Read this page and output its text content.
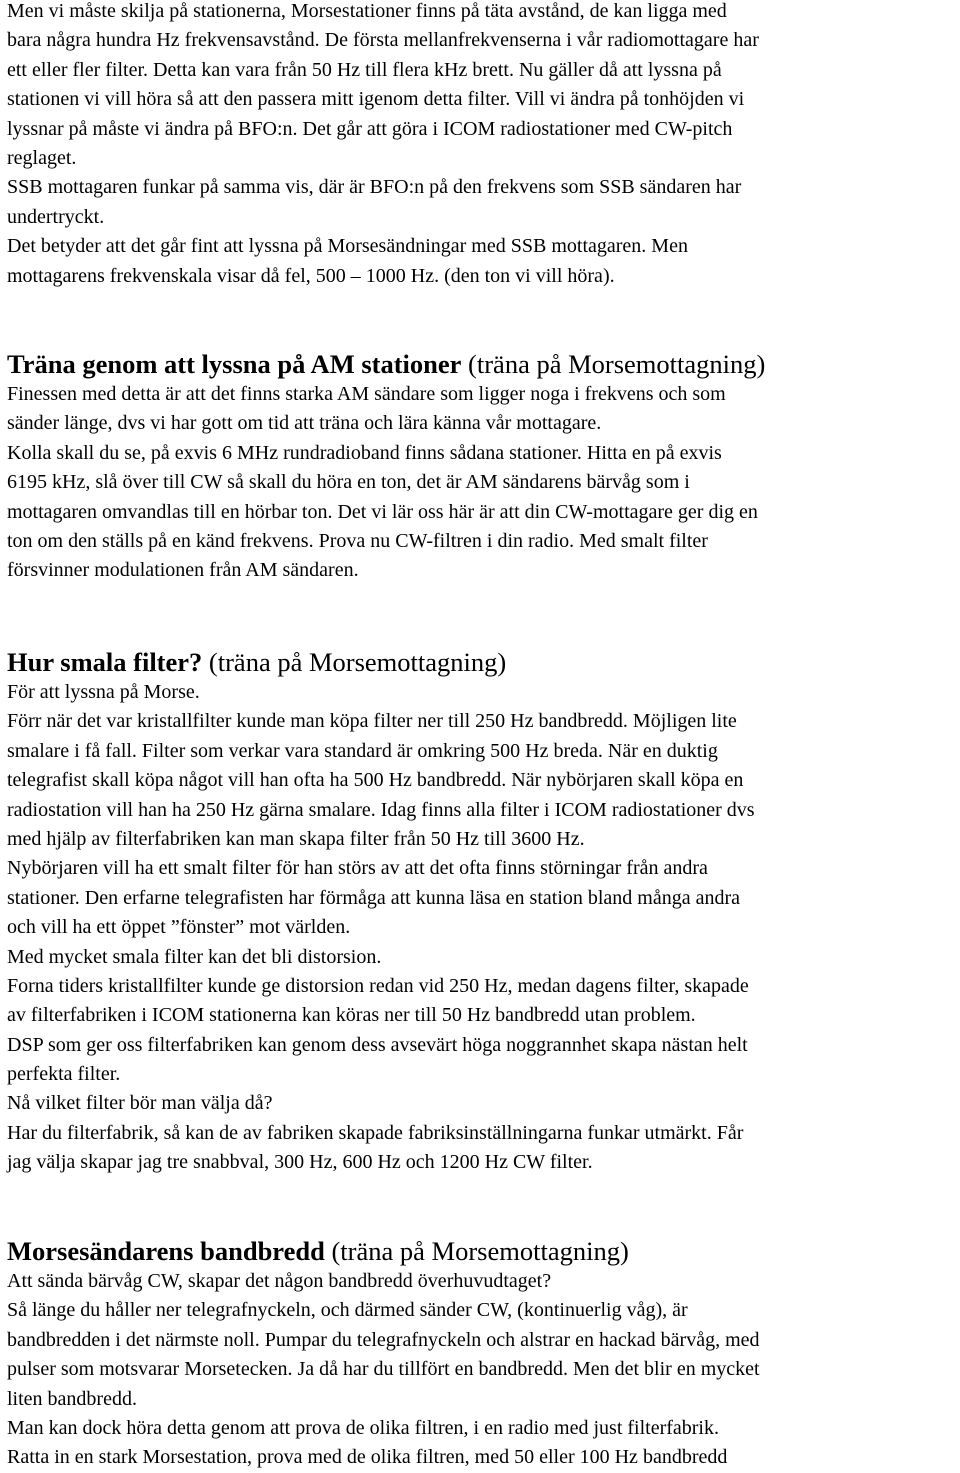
Men vi måste skilja på stationerna, Morsestationer finns på täta avstånd, de kan ligga med
bara några hundra Hz frekvensavstånd. De första mellanfrekvenserna i vår radiomottagare har
ett eller fler filter. Detta kan vara från 50 Hz till flera kHz brett. Nu gäller då att lyssna på
stationen vi vill höra så att den passera mitt igenom detta filter. Vill vi ändra på tonhöjden vi
lyssnar på måste vi ändra på BFO:n. Det går att göra i ICOM radiostationer med CW-pitch
reglaget.
SSB mottagaren funkar på samma vis, där är BFO:n på den frekvens som SSB sändaren har
undertryckt.
Det betyder att det går fint att lyssna på Morsesändningar med SSB mottagaren. Men
mottagarens frekvenskala visar då fel, 500 – 1000 Hz. (den ton vi vill höra).
Träna genom att lyssna på AM stationer (träna på Morsemottagning)
Finessen med detta är att det finns starka AM sändare som ligger noga i frekvens och som
sänder länge, dvs vi har gott om tid att träna och lära känna vår mottagare.
Kolla skall du se, på exvis 6 MHz rundradioband finns sådana stationer. Hitta en på exvis
6195 kHz, slå över till CW så skall du höra en ton, det är AM sändarens bärvåg som i
mottagaren omvandlas till en hörbar ton. Det vi lär oss här är att din CW-mottagare ger dig en
ton om den ställs på en känd frekvens. Prova nu CW-filtren i din radio. Med smalt filter
försvinner modulationen från AM sändaren.
Hur smala filter? (träna på Morsemottagning)
För att lyssna på Morse.
Förr när det var kristallfilter kunde man köpa filter ner till 250 Hz bandbredd. Möjligen lite
smalare i få fall. Filter som verkar vara standard är omkring 500 Hz breda. När en duktig
telegrafist skall köpa något vill han ofta ha 500 Hz bandbredd. När nybörjaren skall köpa en
radiostation vill han ha 250 Hz gärna smalare. Idag finns alla filter i ICOM radiostationer dvs
med hjälp av filterfabriken kan man skapa filter från 50 Hz till 3600 Hz.
Nybörjaren vill ha ett smalt filter för han störs av att det ofta finns störningar från andra
stationer. Den erfarne telegrafisten har förmåga att kunna läsa en station bland många andra
och vill ha ett öppet ”fönster” mot världen.
Med mycket smala filter kan det bli distorsion.
Forna tiders kristallfilter kunde ge distorsion redan vid 250 Hz, medan dagens filter, skapade
av filterfabriken i ICOM stationerna kan köras ner till 50 Hz bandbredd utan problem.
DSP som ger oss filterfabriken kan genom dess avsevärt höga noggrannhet skapa nästan helt
perfekta filter.
Nå vilket filter bör man välja då?
Har du filterfabrik, så kan de av fabriken skapade fabriksinställningarna funkar utmärkt. Får
jag välja skapar jag tre snabbval, 300 Hz, 600 Hz och 1200 Hz CW filter.
Morsesändarens bandbredd (träna på Morsemottagning)
Att sända bärvåg CW, skapar det någon bandbredd överhuvudtaget?
Så länge du håller ner telegrafnyckeln, och därmed sänder CW, (kontinuerlig våg), är
bandbredden i det närmste noll. Pumpar du telegrafnyckeln och alstrar en hackad bärvåg, med
pulser som motsvarar Morsetecken. Ja då har du tillfört en bandbredd. Men det blir en mycket
liten bandbredd.
Man kan dock höra detta genom att prova de olika filtren, i en radio med just filterfabrik.
Ratta in en stark Morsestation, prova med de olika filtren, med 50 eller 100 Hz bandbredd
